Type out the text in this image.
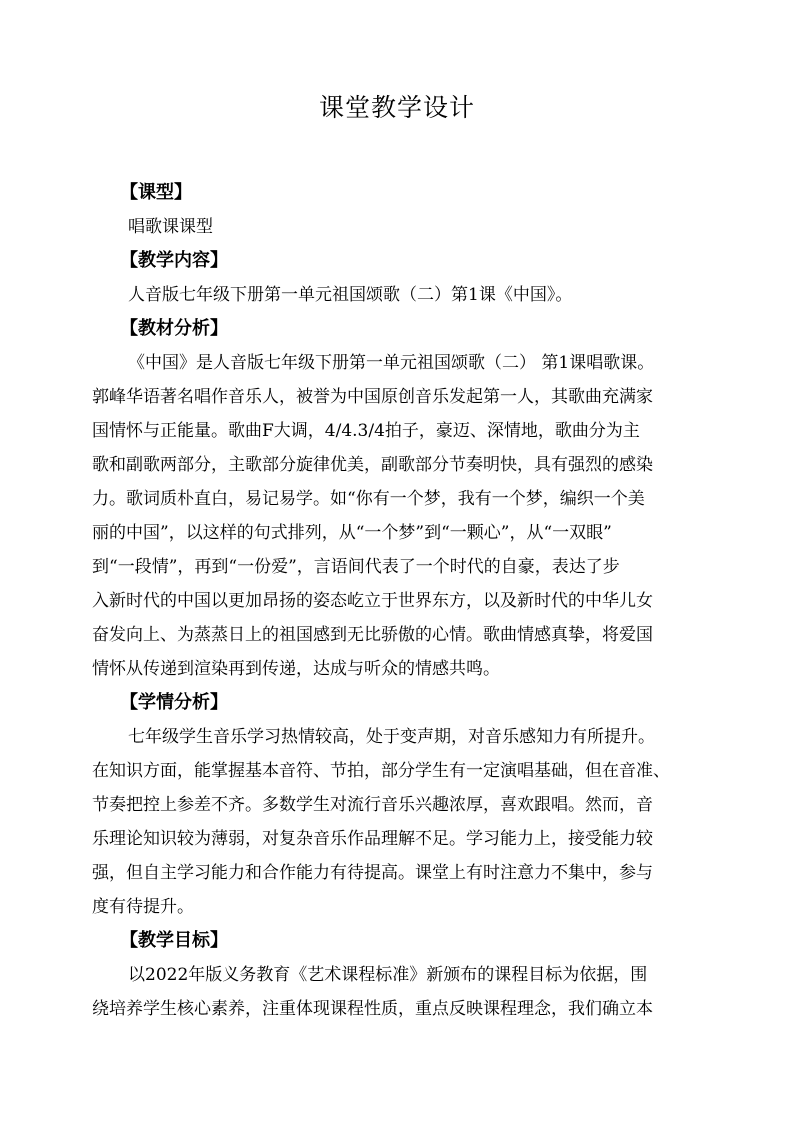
课堂教学设计
【课型】
唱歌课课型
【教学内容】
人音版七年级下册第一单元祖国颂歌（二）第1课《中国》。
【教材分析】
《中国》是人音版七年级下册第一单元祖国颂歌（二） 第1课唱歌课。
郭峰华语著名唱作音乐人，被誉为中国原创音乐发起第一人，其歌曲充满家
国情怀与正能量。歌曲F大调，4/4.3/4拍子，豪迈、深情地，歌曲分为主
歌和副歌两部分，主歌部分旋律优美，副歌部分节奏明快，具有强烈的感染
力。歌词质朴直白，易记易学。如“你有一个梦，我有一个梦，编织一个美
丽的中国”，以这样的句式排列，从“一个梦”到“一颗心”，从“一双眼”
到“一段情”，再到“一份爱”，言语间代表了一个时代的自豪，表达了步
入新时代的中国以更加昂扬的姿态屹立于世界东方，以及新时代的中华儿女
奋发向上、为蒸蒸日上的祖国感到无比骄傲的心情。歌曲情感真挚，将爱国
情怀从传递到渲染再到传递，达成与听众的情感共鸣。
【学情分析】
七年级学生音乐学习热情较高，处于变声期，对音乐感知力有所提升。
在知识方面，能掌握基本音符、节拍，部分学生有一定演唱基础，但在音准、
节奏把控上参差不齐。多数学生对流行音乐兴趣浓厚，喜欢跟唱。然而，音
乐理论知识较为薄弱，对复杂音乐作品理解不足。学习能力上，接受能力较
强，但自主学习能力和合作能力有待提高。课堂上有时注意力不集中，参与
度有待提升。
【教学目标】
以2022年版义务教育《艺术课程标准》新颁布的课程目标为依据，围
绕培养学生核心素养，注重体现课程性质，重点反映课程理念，我们确立本
